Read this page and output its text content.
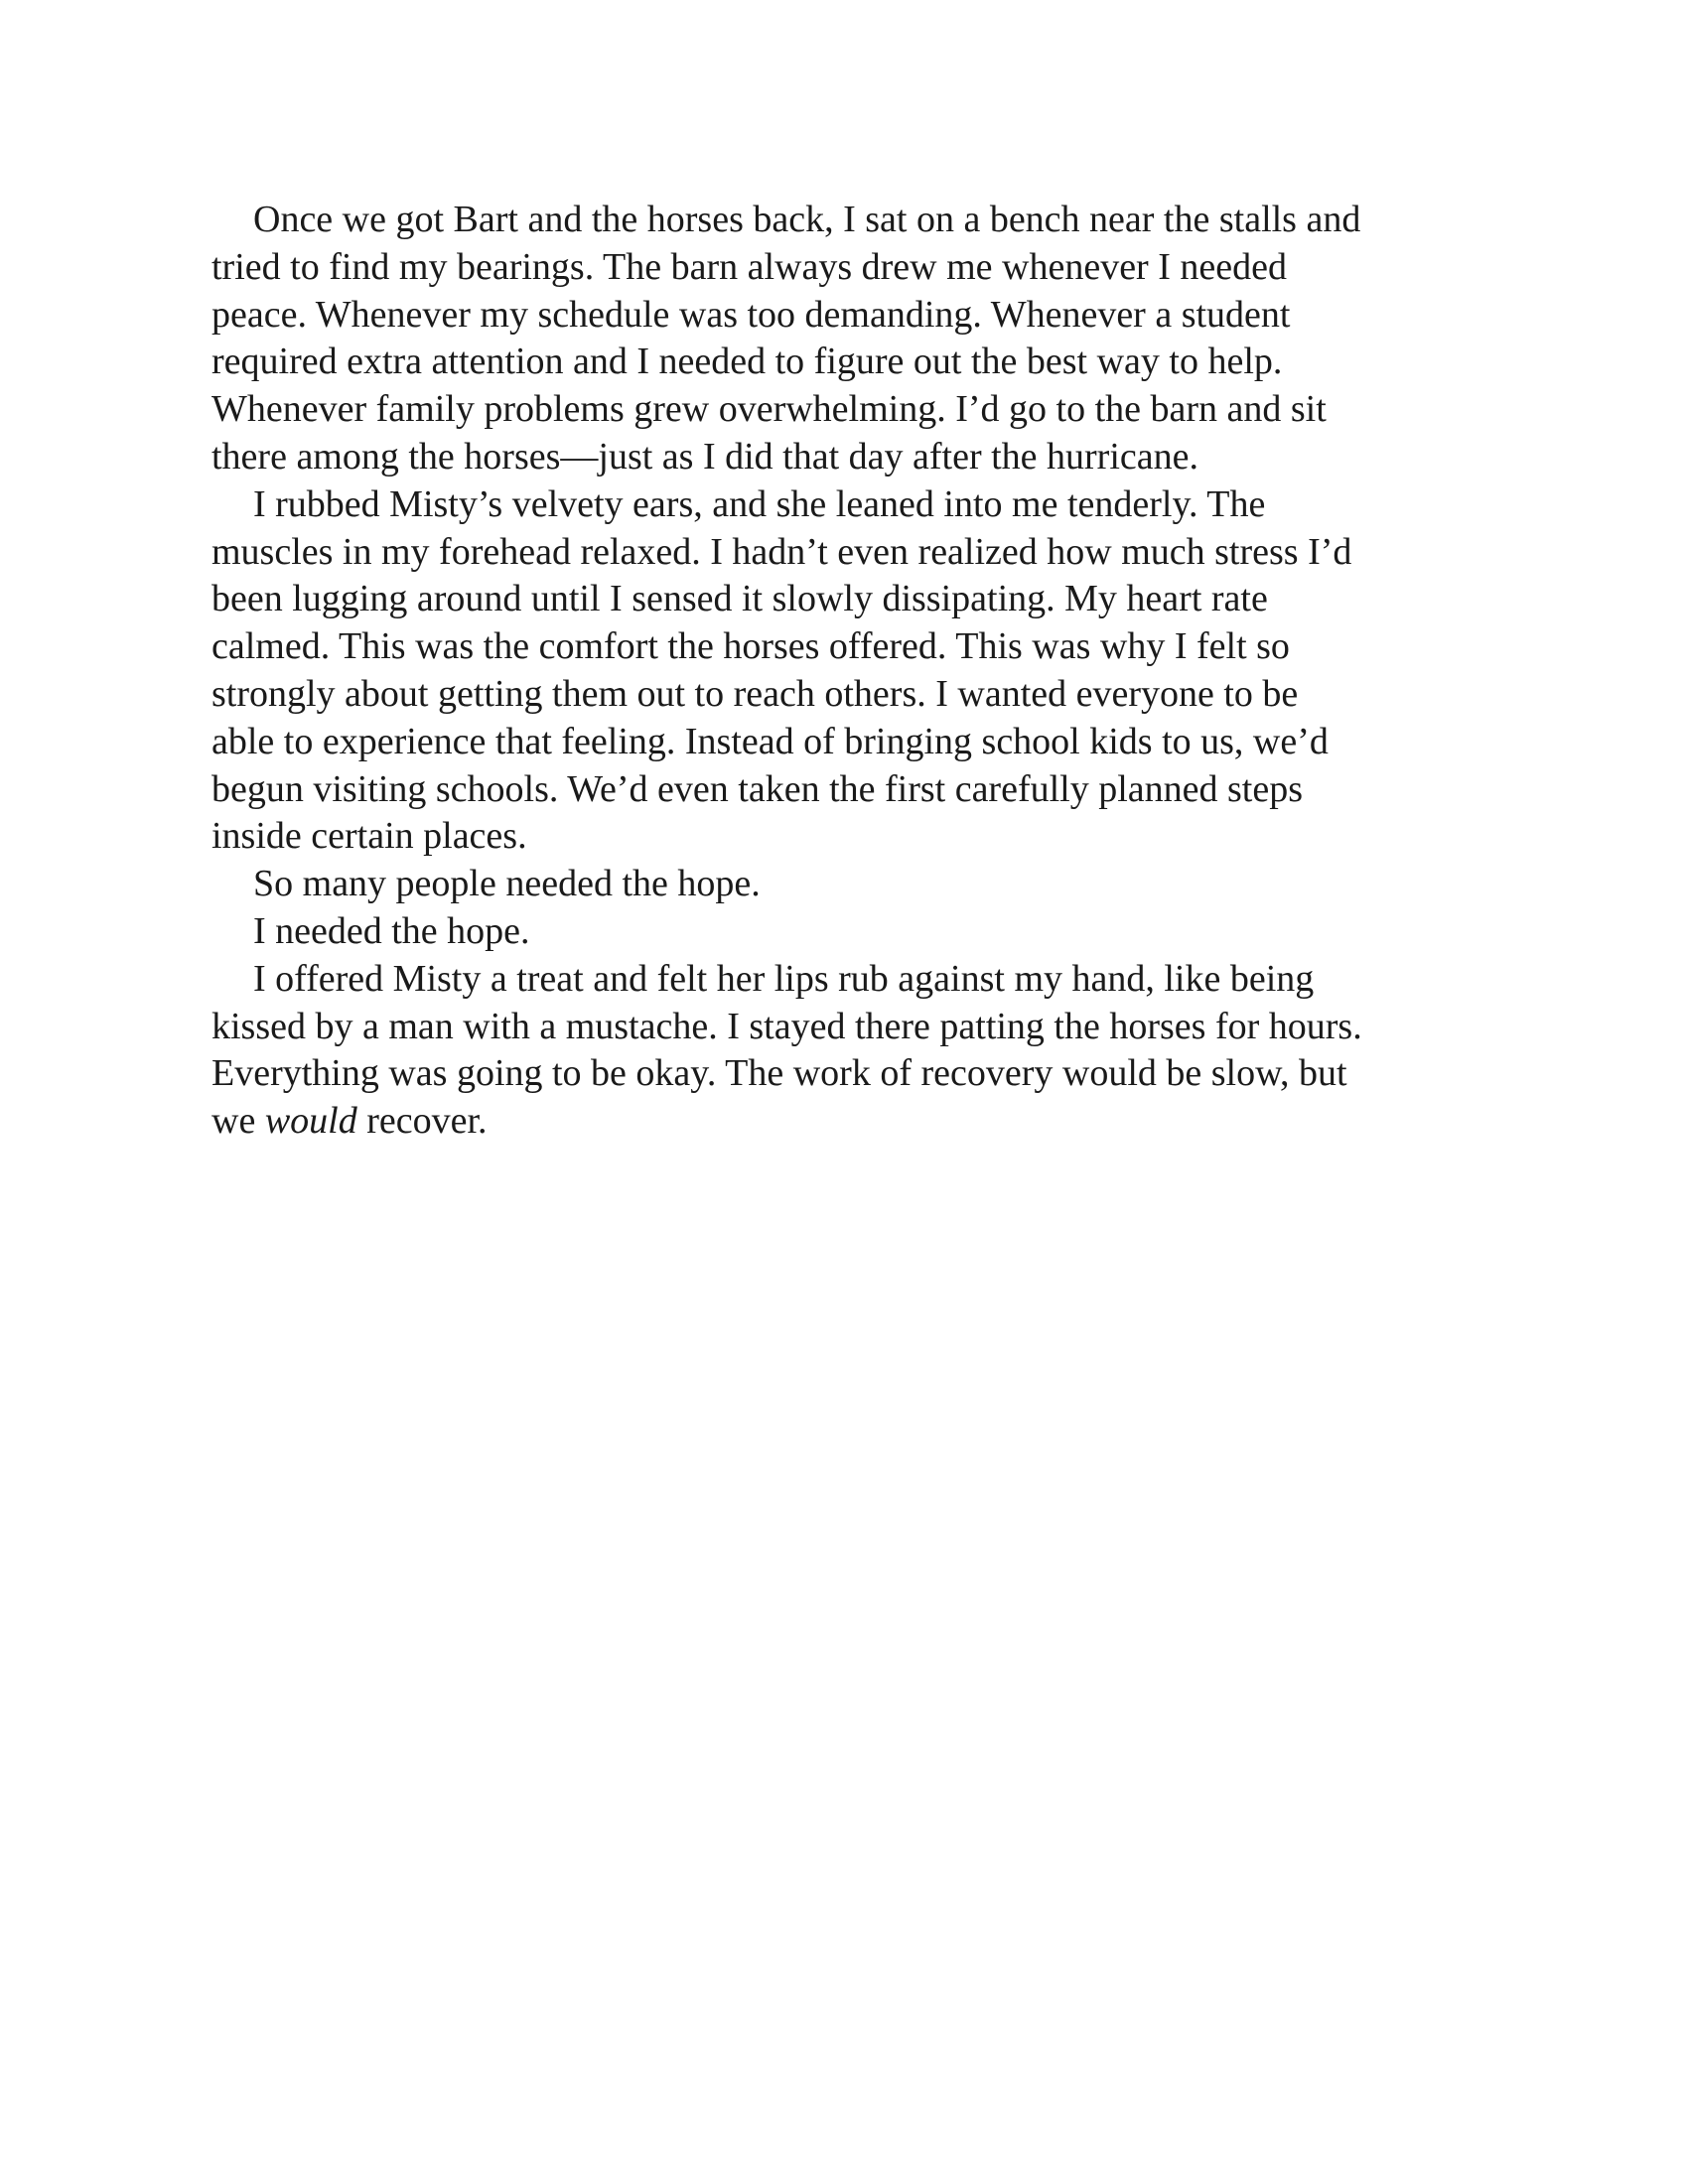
Once we got Bart and the horses back, I sat on a bench near the stalls and
tried to find my bearings. The barn always drew me whenever I needed
peace. Whenever my schedule was too demanding. Whenever a student
required extra attention and I needed to figure out the best way to help.
Whenever family problems grew overwhelming. I’d go to the barn and sit
there among the horses—just as I did that day after the hurricane.
I rubbed Misty’s velvety ears, and she leaned into me tenderly. The
muscles in my forehead relaxed. I hadn’t even realized how much stress I’d
been lugging around until I sensed it slowly dissipating. My heart rate
calmed. This was the comfort the horses offered. This was why I felt so
strongly about getting them out to reach others. I wanted everyone to be
able to experience that feeling. Instead of bringing school kids to us, we’d
begun visiting schools. We’d even taken the first carefully planned steps
inside certain places.
So many people needed the hope.
I needed the hope.
I offered Misty a treat and felt her lips rub against my hand, like being
kissed by a man with a mustache. I stayed there patting the horses for hours.
Everything was going to be okay. The work of recovery would be slow, but
we would recover.
